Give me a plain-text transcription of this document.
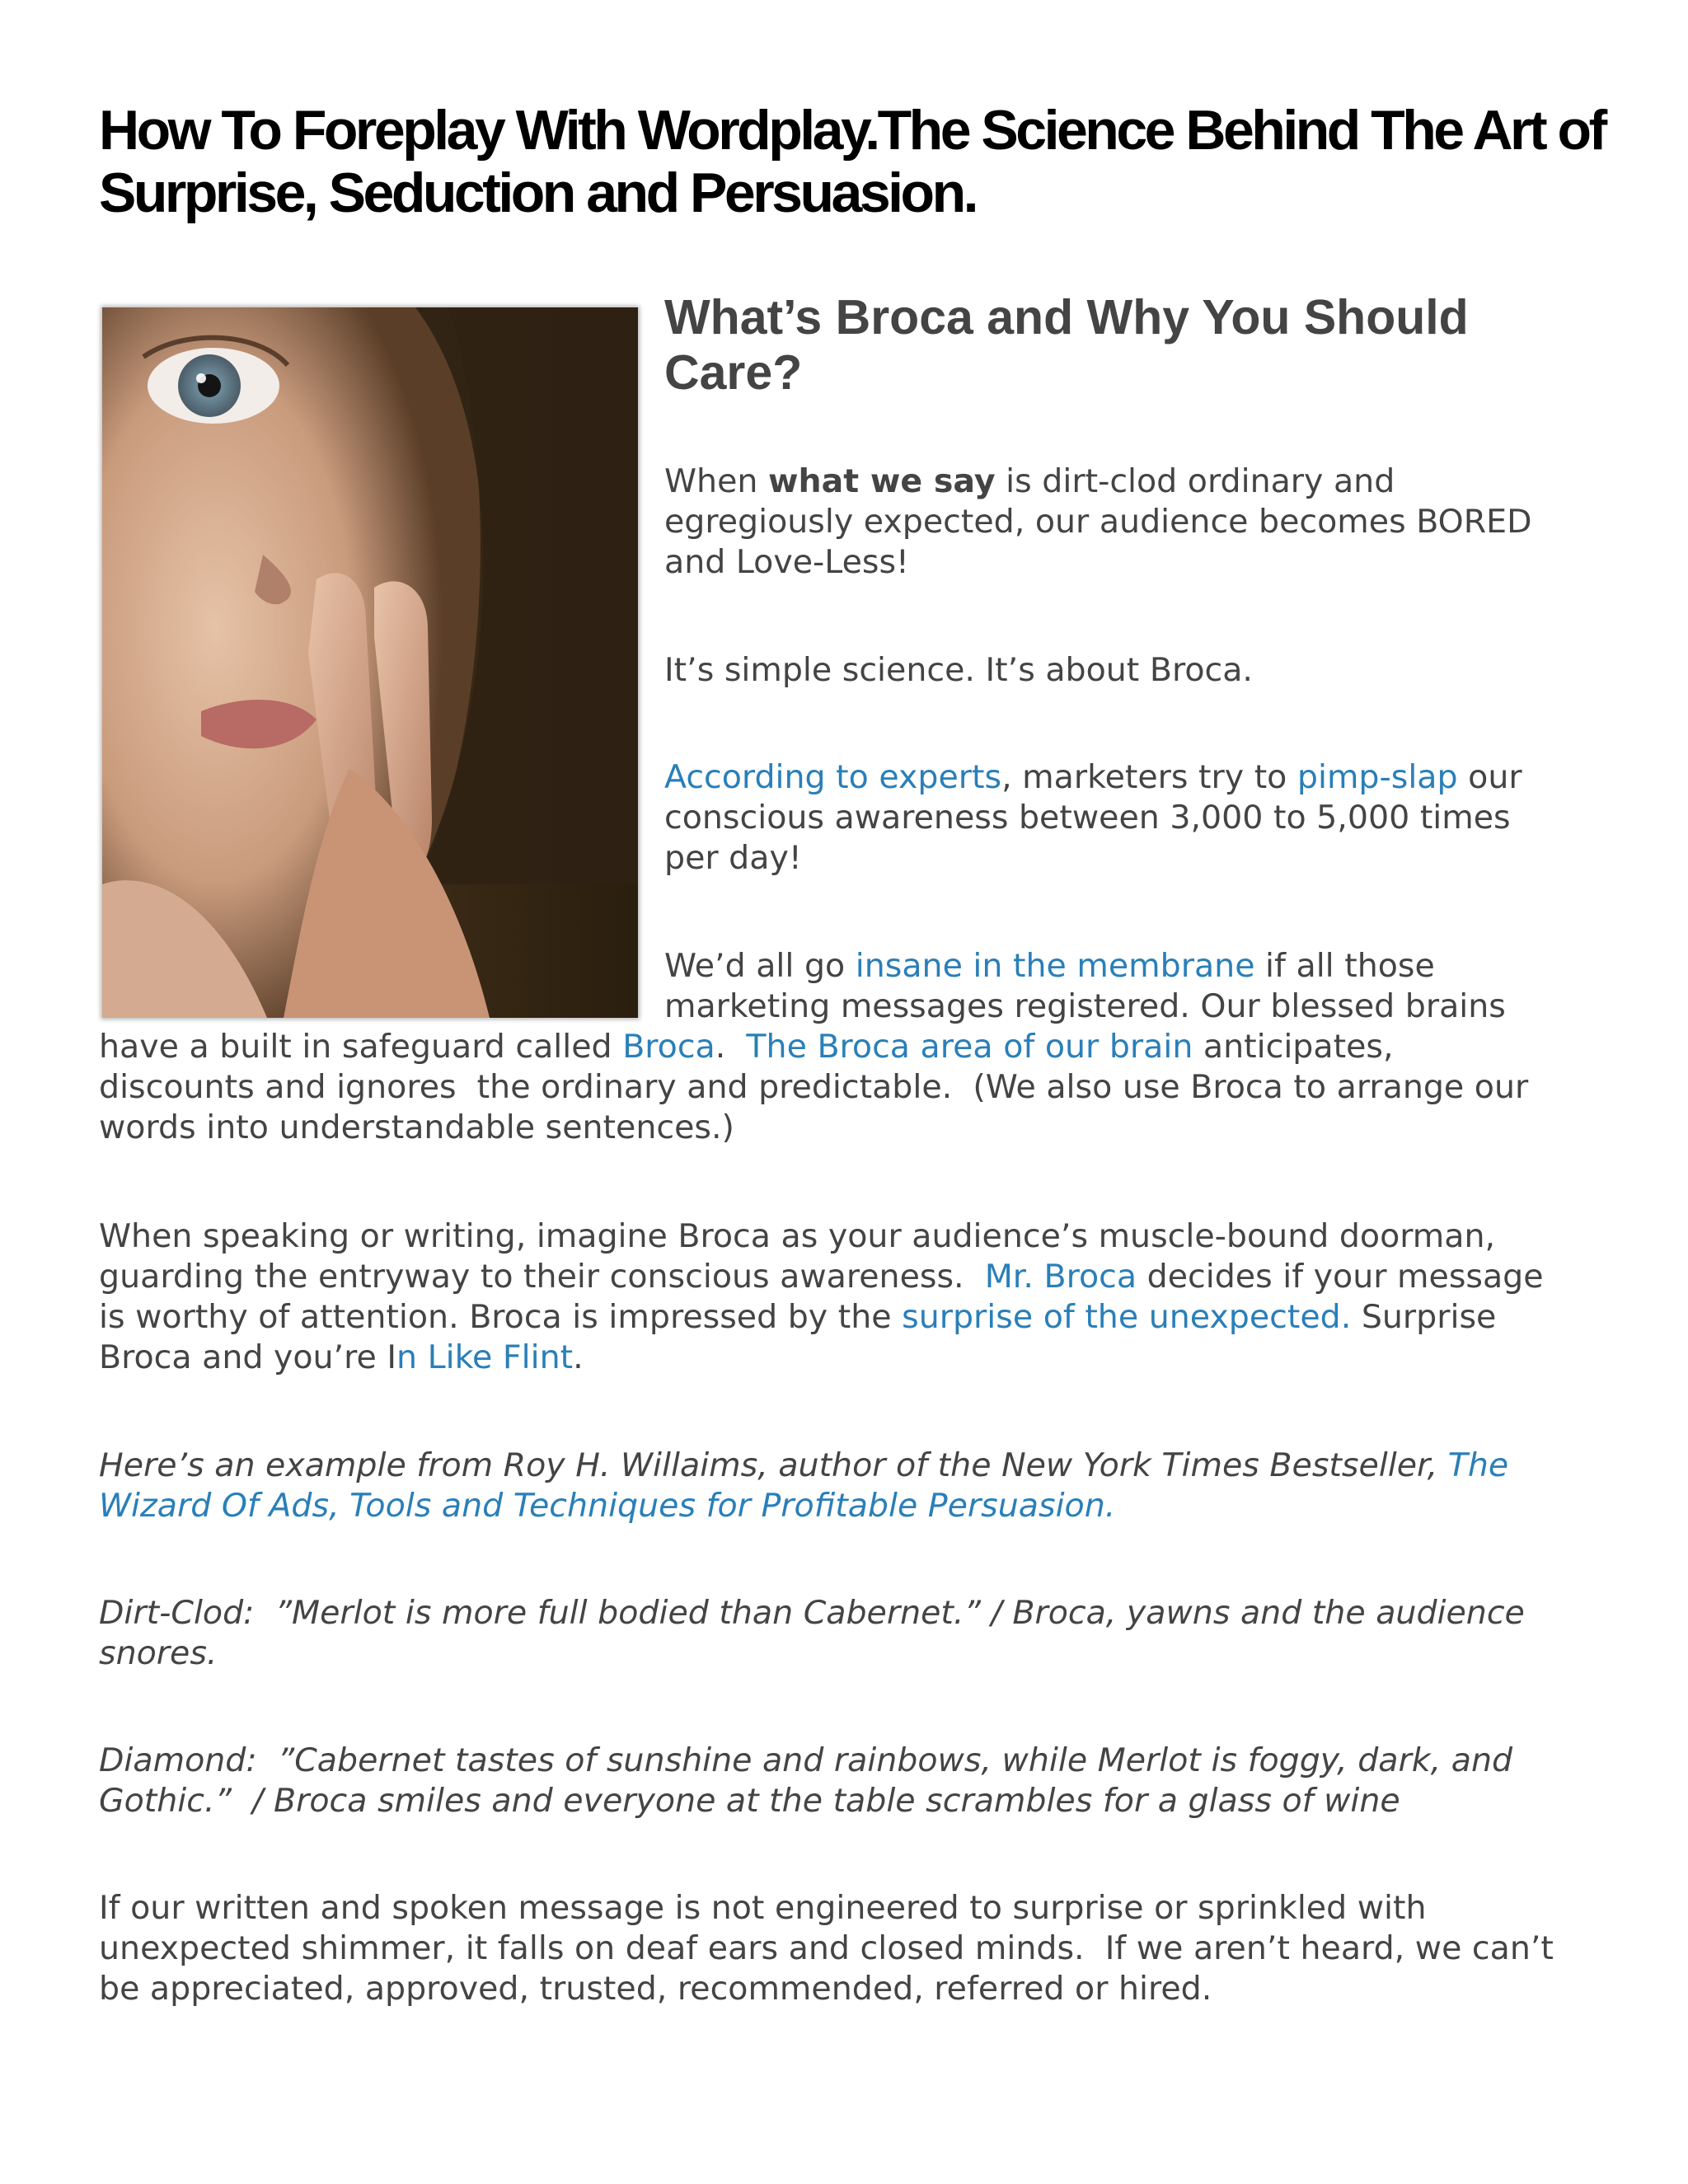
How To Foreplay With Wordplay.The Science Behind The Art of Surprise, Seduction and Persuasion.
What’s Broca and Why You Should Care?
When what we say is dirt-clod ordinary and
egregiously expected, our audience becomes BORED
and Love-Less!
It’s simple science. It’s about Broca.
According to experts, marketers try to pimp-slap our
conscious awareness between 3,000 to 5,000 times
per day!
We’d all go insane in the membrane if all those
marketing messages registered. Our blessed brains
have a built in safeguard called Broca.  The Broca area of our brain anticipates,
discounts and ignores  the ordinary and predictable.  (We also use Broca to arrange our
words into understandable sentences.)
When speaking or writing, imagine Broca as your audience’s muscle-bound doorman,
guarding the entryway to their conscious awareness.  Mr. Broca decides if your message
is worthy of attention. Broca is impressed by the surprise of the unexpected. Surprise
Broca and you’re In Like Flint.
Here’s an example from Roy H. Willaims, author of the New York Times Bestseller, The
Wizard Of Ads, Tools and Techniques for Profitable Persuasion.
Dirt-Clod:  ”Merlot is more full bodied than Cabernet.” / Broca, yawns and the audience
snores.
Diamond:  ”Cabernet tastes of sunshine and rainbows, while Merlot is foggy, dark, and
Gothic.”  / Broca smiles and everyone at the table scrambles for a glass of wine
If our written and spoken message is not engineered to surprise or sprinkled with
unexpected shimmer, it falls on deaf ears and closed minds.  If we aren’t heard, we can’t
be appreciated, approved, trusted, recommended, referred or hired.
